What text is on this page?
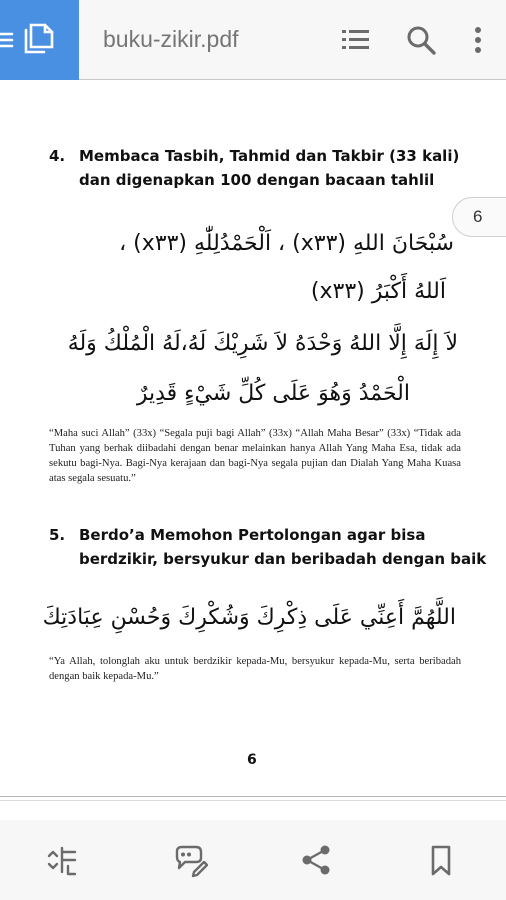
buku-zikir.pdf
4. Membaca Tasbih, Tahmid dan Takbir (33 kali)
dan digenapkan 100 dengan bacaan tahlil
سُبْحَانَ اللهِ (x٣٣) ، اَلْحَمْدُلِلّٰهِ (x٣٣) ،
اَللهُ أَكْبَرُ (x٣٣)
لاَ إِلَهَ إِلَّا اللهُ وَحْدَهُ لاَ شَرِيْكَ لَهُ،لَهُ الْمُلْكُ وَلَهُ
الْحَمْدُ وَهُوَ عَلَى كُلِّ شَيْءٍ قَدِيرٌ
“Maha suci Allah” (33x) “Segala puji bagi Allah” (33x) “Allah Maha Besar” (33x) “Tidak ada Tuhan yang berhak diibadahi dengan benar melainkan hanya Allah Yang Maha Esa, tidak ada sekutu bagi-Nya. Bagi-Nya kerajaan dan bagi-Nya segala pujian dan Dialah Yang Maha Kuasa atas segala sesuatu.”
5. Berdo’a Memohon Pertolongan agar bisa
berdzikir, bersyukur dan beribadah dengan baik
اللَّهُمَّ أَعِنِّي عَلَى ذِكْرِكَ وَشُكْرِكَ وَحُسْنِ عِبَادَتِكَ
“Ya Allah, tolonglah aku untuk berdzikir kepada-Mu, bersyukur kepada-Mu, serta beribadah dengan baik kepada-Mu.”
6
6
